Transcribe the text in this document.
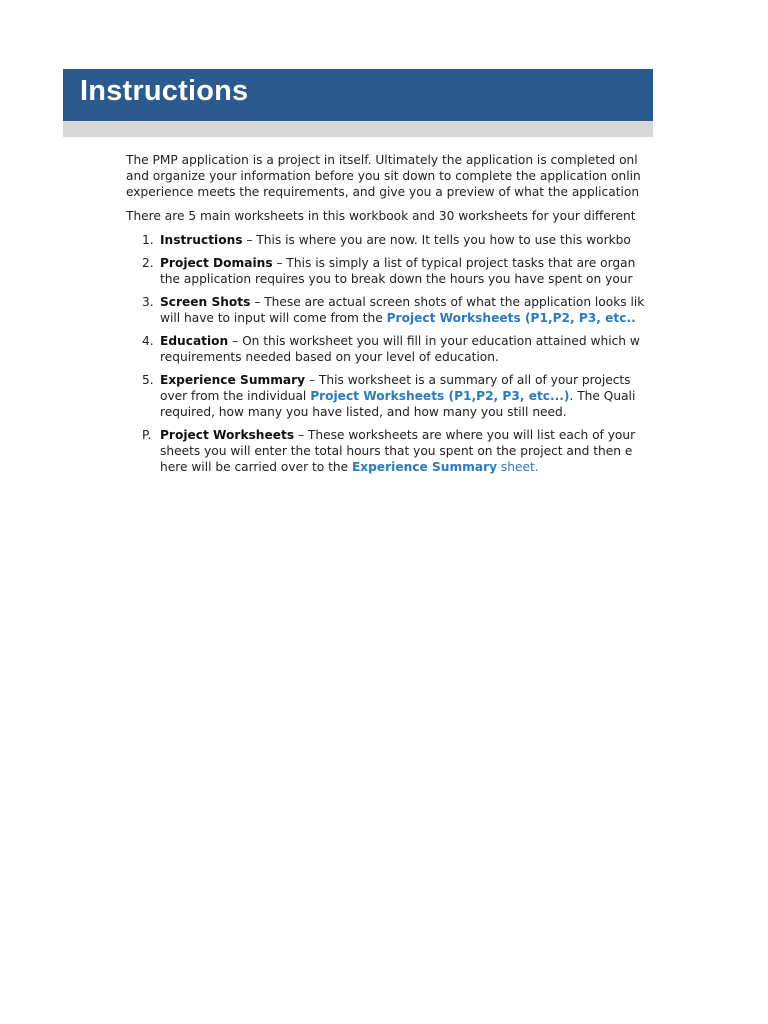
Instructions
The PMP application is a project in itself. Ultimately the application is completed onl
and organize your information before you sit down to complete the application onlin
experience meets the requirements, and give you a preview of what the application
There are 5 main worksheets in this workbook and 30 worksheets for your different
1. Instructions – This is where you are now. It tells you how to use this workbo
2. Project Domains – This is simply a list of typical project tasks that are organ
the application requires you to break down the hours you have spent on your
3. Screen Shots – These are actual screen shots of what the application looks lik
will have to input will come from the Project Worksheets (P1,P2, P3, etc..
4. Education – On this worksheet you will fill in your education attained which w
requirements needed based on your level of education.
5. Experience Summary – This worksheet is a summary of all of your projects
over from the individual Project Worksheets (P1,P2, P3, etc...). The Quali
required, how many you have listed, and how many you still need.
P. Project Worksheets – These worksheets are where you will list each of your
sheets you will enter the total hours that you spent on the project and then e
here will be carried over to the Experience Summary sheet.
